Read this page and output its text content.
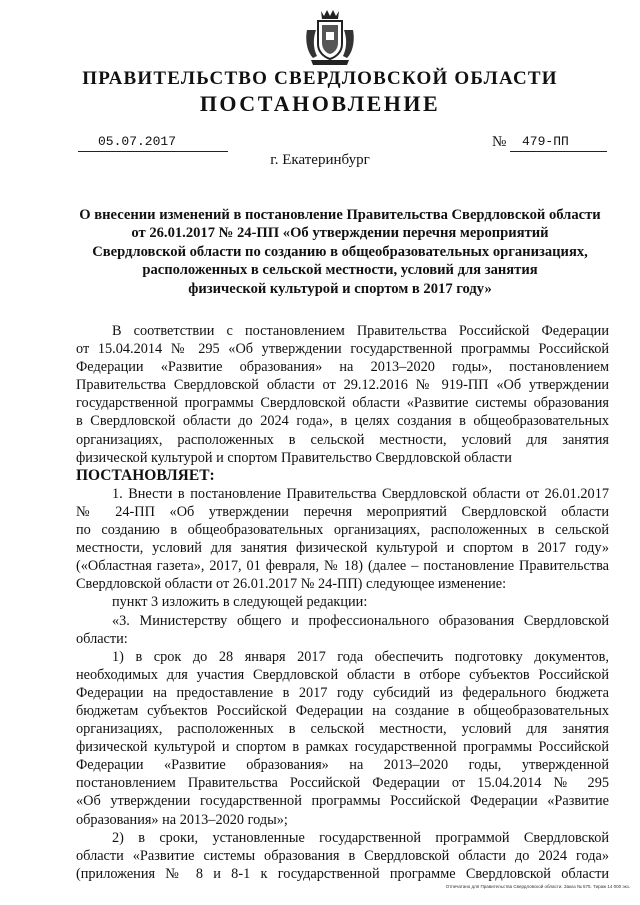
ПРАВИТЕЛЬСТВО СВЕРДЛОВСКОЙ ОБЛАСТИ
ПОСТАНОВЛЕНИЕ
05.07.2017	№	479-ПП
г. Екатеринбург
О внесении изменений в постановление Правительства Свердловской области
от 26.01.2017 № 24-ПП «Об утверждении перечня мероприятий
Свердловской области по созданию в общеобразовательных организациях,
расположенных в сельской местности, условий для занятия
физической культурой и спортом в 2017 году»
В соответствии с постановлением Правительства Российской Федерации
от 15.04.2014 № 295 «Об утверждении государственной программы Российской
Федерации «Развитие образования» на 2013–2020 годы», постановлением
Правительства Свердловской области от 29.12.2016 № 919-ПП «Об утверждении
государственной программы Свердловской области «Развитие системы образования
в Свердловской области до 2024 года», в целях создания в общеобразовательных
организациях, расположенных в сельской местности, условий для занятия
физической культурой и спортом Правительство Свердловской области
ПОСТАНОВЛЯЕТ:
1. Внести в постановление Правительства Свердловской области от 26.01.2017
№ 24-ПП «Об утверждении перечня мероприятий Свердловской области
по созданию в общеобразовательных организациях, расположенных в сельской
местности, условий для занятия физической культурой и спортом в 2017 году»
(«Областная газета», 2017, 01 февраля, № 18) (далее – постановление Правительства
Свердловской области от 26.01.2017 № 24-ПП) следующее изменение:
пункт 3 изложить в следующей редакции:
«3. Министерству общего и профессионального образования Свердловской
области:
1) в срок до 28 января 2017 года обеспечить подготовку документов,
необходимых для участия Свердловской области в отборе субъектов Российской
Федерации на предоставление в 2017 году субсидий из федерального бюджета
бюджетам субъектов Российской Федерации на создание в общеобразовательных
организациях, расположенных в сельской местности, условий для занятия
физической культурой и спортом в рамках государственной программы Российской
Федерации «Развитие образования» на 2013–2020 годы, утвержденной
постановлением Правительства Российской Федерации от 15.04.2014 № 295
«Об утверждении государственной программы Российской Федерации «Развитие
образования» на 2013–2020 годы»;
2) в сроки, установленные государственной программой Свердловской
области «Развитие системы образования в Свердловской области до 2024 года»
(приложения № 8 и 8-1 к государственной программе Свердловской области
Отпечатано для Правительства Свердловской области. Заказ № 575. Тираж 14 000 экз.
